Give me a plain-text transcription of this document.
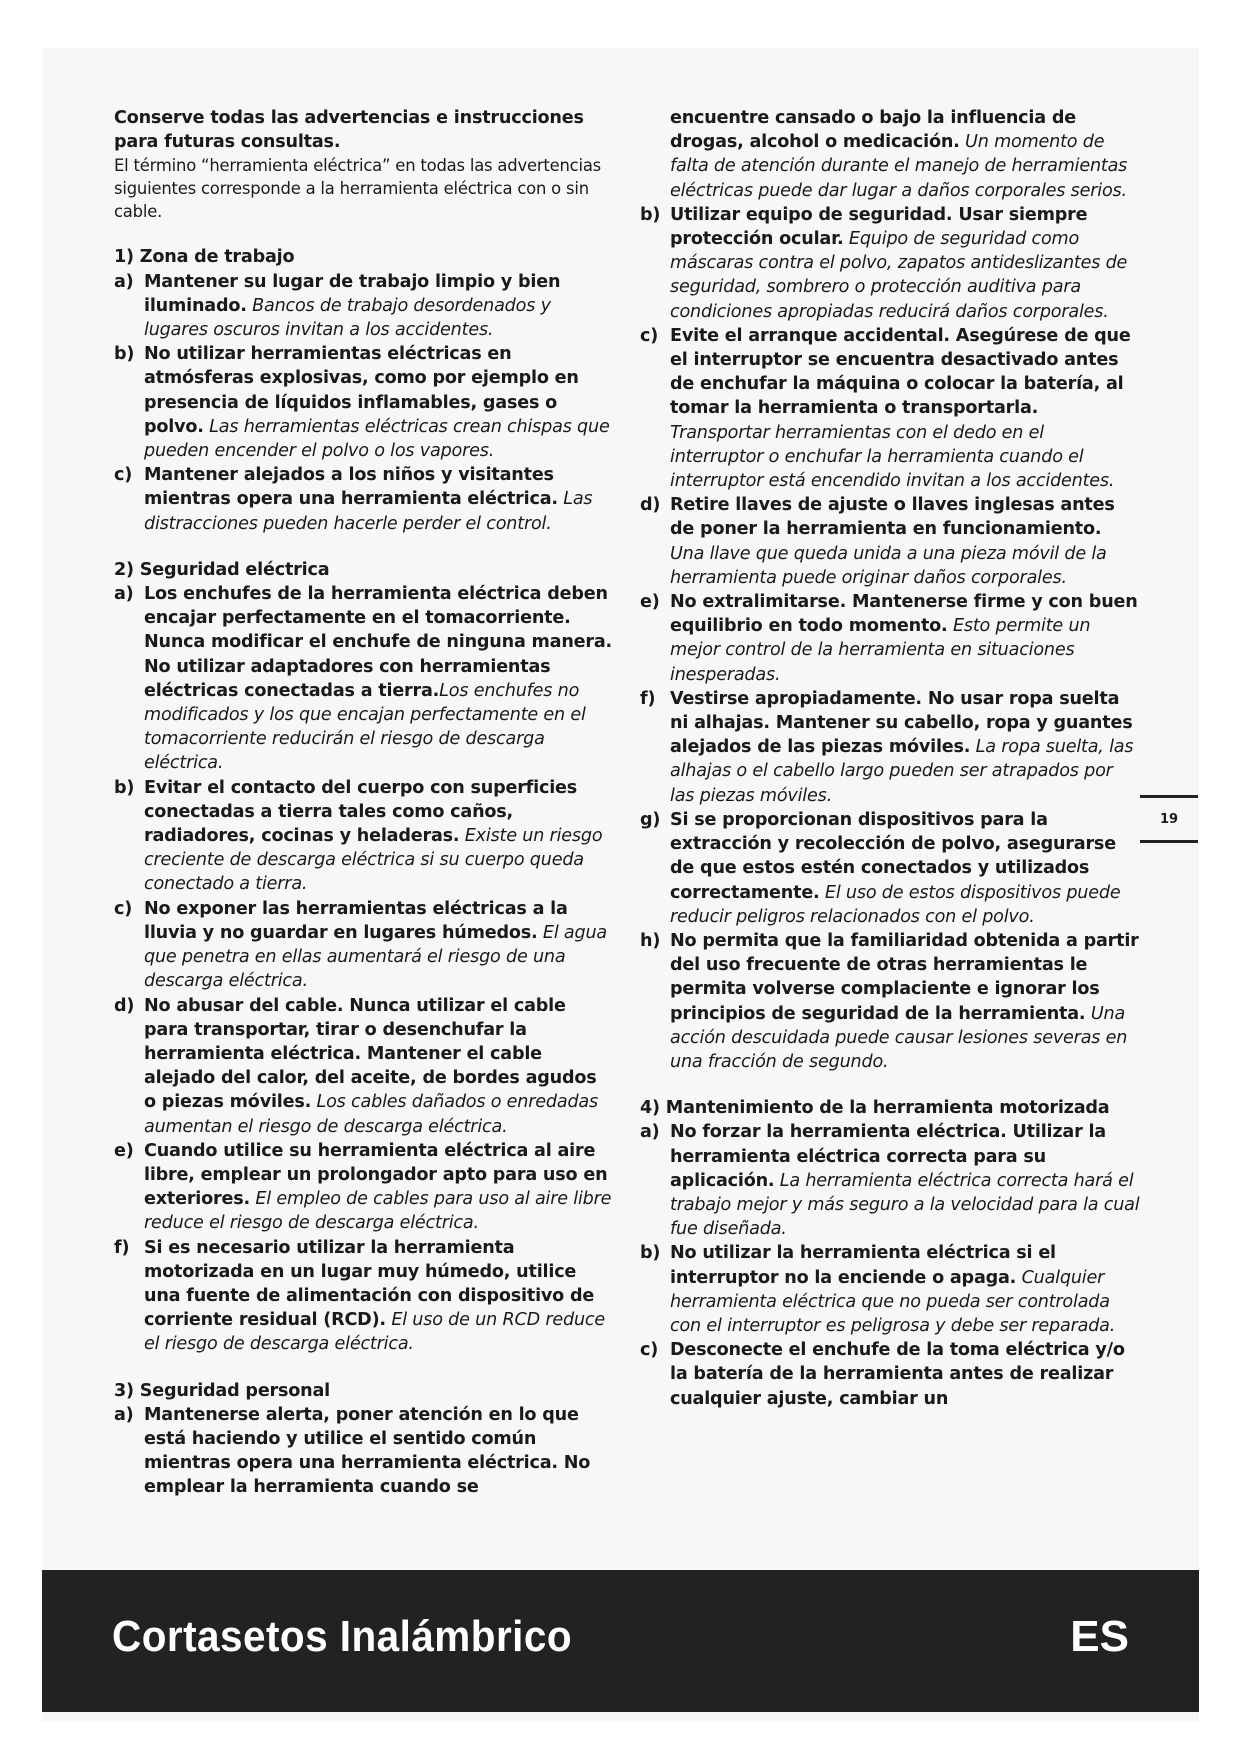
Conserve todas las advertencias e instrucciones para futuras consultas.
El término “herramienta eléctrica” en todas las advertencias siguientes corresponde a la herramienta eléctrica con o sin cable.
1) Zona de trabajo
a) Mantener su lugar de trabajo limpio y bien iluminado. Bancos de trabajo desordenados y lugares oscuros invitan a los accidentes.
b) No utilizar herramientas eléctricas en atmósferas explosivas, como por ejemplo en presencia de líquidos inflamables, gases o polvo. Las herramientas eléctricas crean chispas que pueden encender el polvo o los vapores.
c) Mantener alejados a los niños y visitantes mientras opera una herramienta eléctrica. Las distracciones pueden hacerle perder el control.
2) Seguridad eléctrica
a) Los enchufes de la herramienta eléctrica deben encajar perfectamente en el tomacorriente. Nunca modificar el enchufe de ninguna manera. No utilizar adaptadores con herramientas eléctricas conectadas a tierra.Los enchufes no modificados y los que encajan perfectamente en el tomacorriente reducirán el riesgo de descarga eléctrica.
b) Evitar el contacto del cuerpo con superficies conectadas a tierra tales como caños, radiadores, cocinas y heladeras. Existe un riesgo creciente de descarga eléctrica si su cuerpo queda conectado a tierra.
c) No exponer las herramientas eléctricas a la lluvia y no guardar en lugares húmedos. El agua que penetra en ellas aumentará el riesgo de una descarga eléctrica.
d) No abusar del cable. Nunca utilizar el cable para transportar, tirar o desenchufar la herramienta eléctrica. Mantener el cable alejado del calor, del aceite, de bordes agudos o piezas móviles. Los cables dañados o enredadas aumentan el riesgo de descarga eléctrica.
e) Cuando utilice su herramienta eléctrica al aire libre, emplear un prolongador apto para uso en exteriores. El empleo de cables para uso al aire libre reduce el riesgo de descarga eléctrica.
f) Si es necesario utilizar la herramienta motorizada en un lugar muy húmedo, utilice una fuente de alimentación con dispositivo de corriente residual (RCD). El uso de un RCD reduce el riesgo de descarga eléctrica.
3) Seguridad personal
a) Mantenerse alerta, poner atención en lo que está haciendo y utilice el sentido común mientras opera una herramienta eléctrica. No emplear la herramienta cuando se
encuentre cansado o bajo la influencia de drogas, alcohol o medicación. Un momento de falta de atención durante el manejo de herramientas eléctricas puede dar lugar a daños corporales serios.
b) Utilizar equipo de seguridad. Usar siempre protección ocular. Equipo de seguridad como máscaras contra el polvo, zapatos antideslizantes de seguridad, sombrero o protección auditiva para condiciones apropiadas reducirá daños corporales.
c) Evite el arranque accidental. Asegúrese de que el interruptor se encuentra desactivado antes de enchufar la máquina o colocar la batería, al tomar la herramienta o transportarla. Transportar herramientas con el dedo en el interruptor o enchufar la herramienta cuando el interruptor está encendido invitan a los accidentes.
d) Retire llaves de ajuste o llaves inglesas antes de poner la herramienta en funcionamiento. Una llave que queda unida a una pieza móvil de la herramienta puede originar daños corporales.
e) No extralimitarse. Mantenerse firme y con buen equilibrio en todo momento. Esto permite un mejor control de la herramienta en situaciones inesperadas.
f) Vestirse apropiadamente. No usar ropa suelta ni alhajas. Mantener su cabello, ropa y guantes alejados de las piezas móviles. La ropa suelta, las alhajas o el cabello largo pueden ser atrapados por las piezas móviles.
g) Si se proporcionan dispositivos para la extracción y recolección de polvo, asegurarse de que estos estén conectados y utilizados correctamente. El uso de estos dispositivos puede reducir peligros relacionados con el polvo.
h) No permita que la familiaridad obtenida a partir del uso frecuente de otras herramientas le permita volverse complaciente e ignorar los principios de seguridad de la herramienta. Una acción descuidada puede causar lesiones severas en una fracción de segundo.
4) Mantenimiento de la herramienta motorizada
a) No forzar la herramienta eléctrica. Utilizar la herramienta eléctrica correcta para su aplicación. La herramienta eléctrica correcta hará el trabajo mejor y más seguro a la velocidad para la cual fue diseñada.
b) No utilizar la herramienta eléctrica si el interruptor no la enciende o apaga. Cualquier herramienta eléctrica que no pueda ser controlada con el interruptor es peligrosa y debe ser reparada.
c) Desconecte el enchufe de la toma eléctrica y/o la batería de la herramienta antes de realizar cualquier ajuste, cambiar un
19
Cortasetos Inalámbrico	ES
